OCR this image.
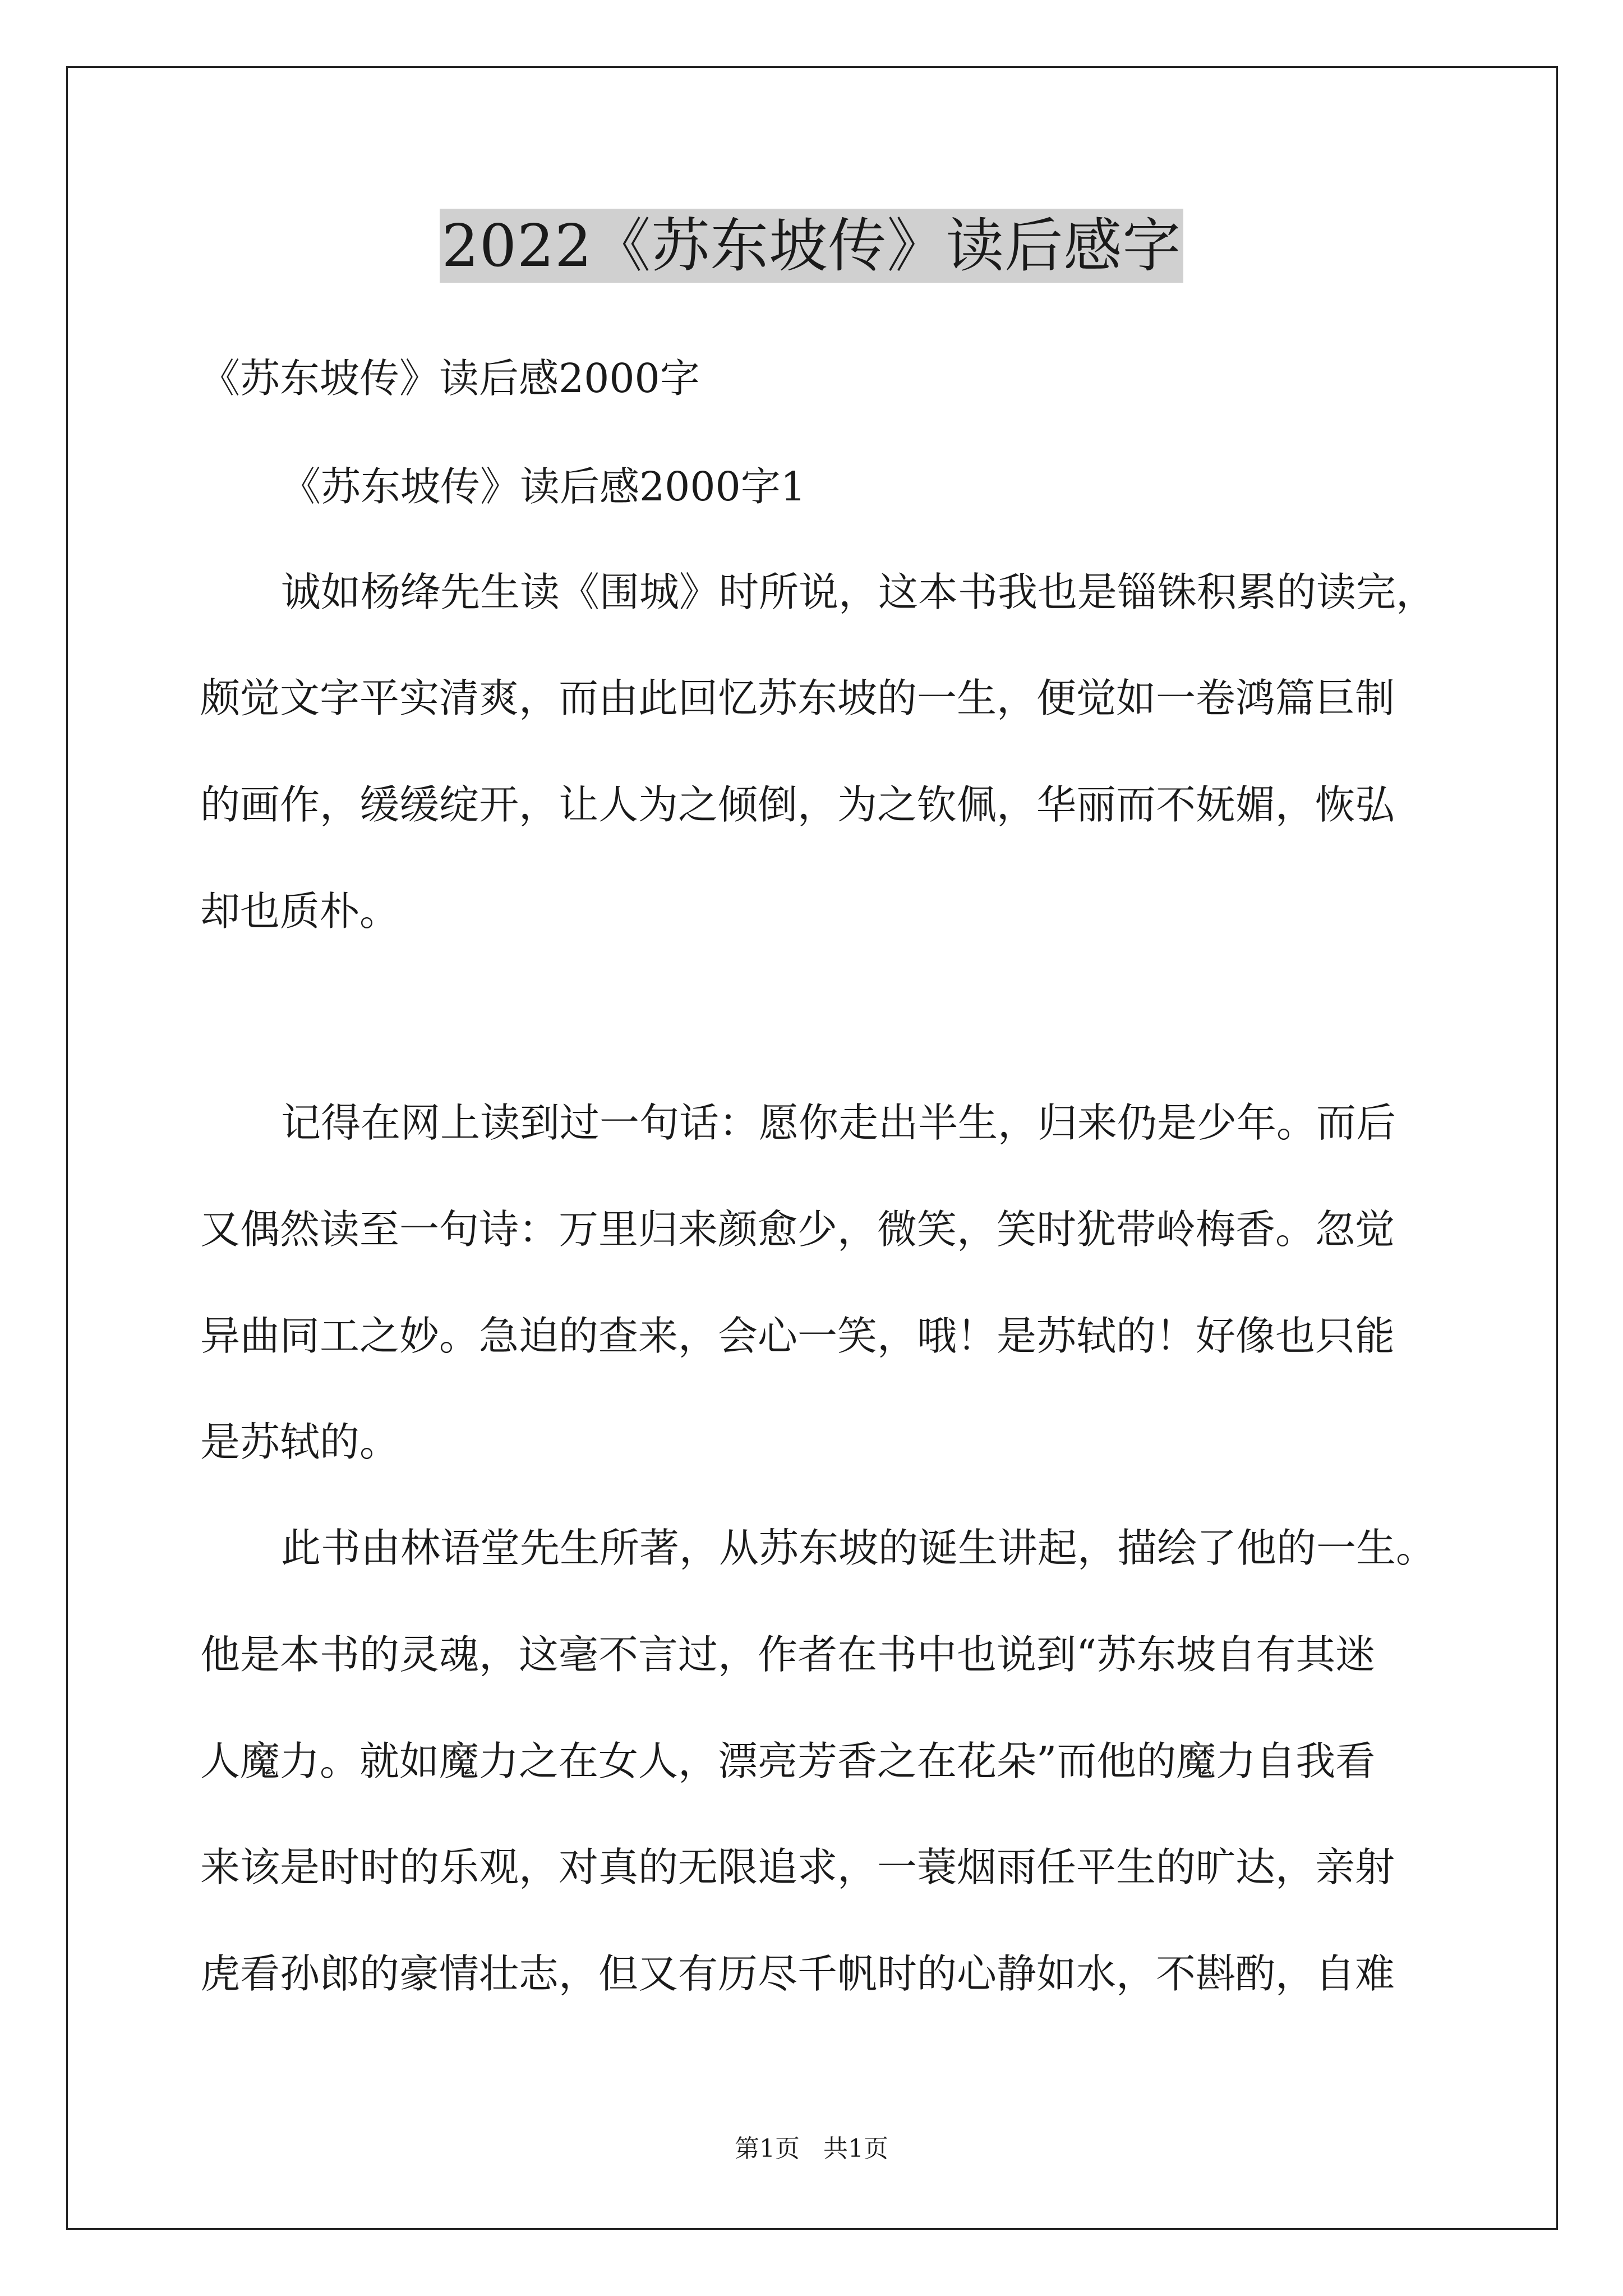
2022《苏东坡传》读后感字
《苏东坡传》读后感2000字
《苏东坡传》读后感2000字1
诚如杨绛先生读《围城》时所说，这本书我也是锱铢积累的读完，
颇觉文字平实清爽，而由此回忆苏东坡的一生，便觉如一卷鸿篇巨制
的画作，缓缓绽开，让人为之倾倒，为之钦佩，华丽而不妩媚，恢弘
却也质朴。
记得在网上读到过一句话：愿你走出半生，归来仍是少年。而后
又偶然读至一句诗：万里归来颜愈少，微笑，笑时犹带岭梅香。忽觉
异曲同工之妙。急迫的查来，会心一笑，哦！是苏轼的！好像也只能
是苏轼的。
此书由林语堂先生所著，从苏东坡的诞生讲起，描绘了他的一生。
他是本书的灵魂，这毫不言过，作者在书中也说到“苏东坡自有其迷
人魔力。就如魔力之在女人，漂亮芳香之在花朵”而他的魔力自我看
来该是时时的乐观，对真的无限追求，一蓑烟雨任平生的旷达，亲射
虎看孙郎的豪情壮志，但又有历尽千帆时的心静如水，不斟酌，自难
第1页 共1页
